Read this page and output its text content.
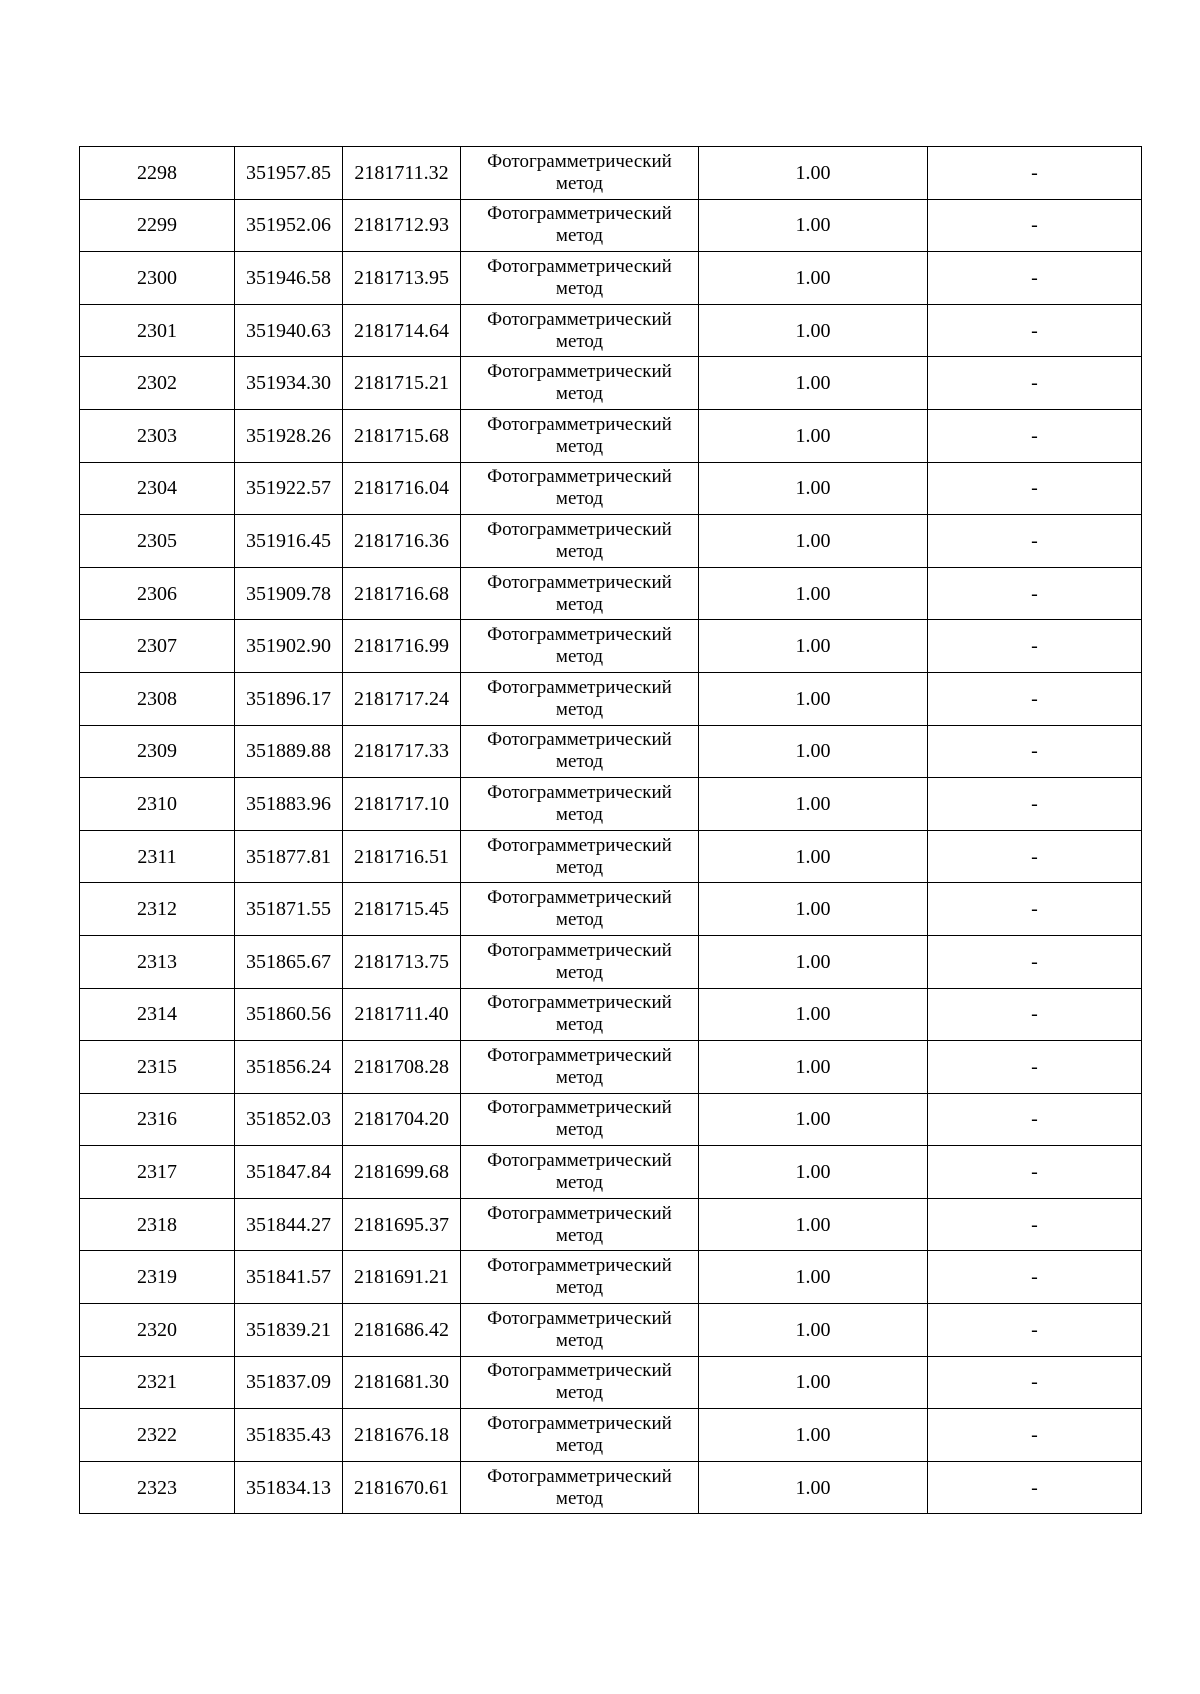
2298	351957.85	2181711.32	Фотограмметрический
метод	1.00	-
2299	351952.06	2181712.93	Фотограмметрический
метод	1.00	-
2300	351946.58	2181713.95	Фотограмметрический
метод	1.00	-
2301	351940.63	2181714.64	Фотограмметрический
метод	1.00	-
2302	351934.30	2181715.21	Фотограмметрический
метод	1.00	-
2303	351928.26	2181715.68	Фотограмметрический
метод	1.00	-
2304	351922.57	2181716.04	Фотограмметрический
метод	1.00	-
2305	351916.45	2181716.36	Фотограмметрический
метод	1.00	-
2306	351909.78	2181716.68	Фотограмметрический
метод	1.00	-
2307	351902.90	2181716.99	Фотограмметрический
метод	1.00	-
2308	351896.17	2181717.24	Фотограмметрический
метод	1.00	-
2309	351889.88	2181717.33	Фотограмметрический
метод	1.00	-
2310	351883.96	2181717.10	Фотограмметрический
метод	1.00	-
2311	351877.81	2181716.51	Фотограмметрический
метод	1.00	-
2312	351871.55	2181715.45	Фотограмметрический
метод	1.00	-
2313	351865.67	2181713.75	Фотограмметрический
метод	1.00	-
2314	351860.56	2181711.40	Фотограмметрический
метод	1.00	-
2315	351856.24	2181708.28	Фотограмметрический
метод	1.00	-
2316	351852.03	2181704.20	Фотограмметрический
метод	1.00	-
2317	351847.84	2181699.68	Фотограмметрический
метод	1.00	-
2318	351844.27	2181695.37	Фотограмметрический
метод	1.00	-
2319	351841.57	2181691.21	Фотограмметрический
метод	1.00	-
2320	351839.21	2181686.42	Фотограмметрический
метод	1.00	-
2321	351837.09	2181681.30	Фотограмметрический
метод	1.00	-
2322	351835.43	2181676.18	Фотограмметрический
метод	1.00	-
2323	351834.13	2181670.61	Фотограмметрический
метод	1.00	-
